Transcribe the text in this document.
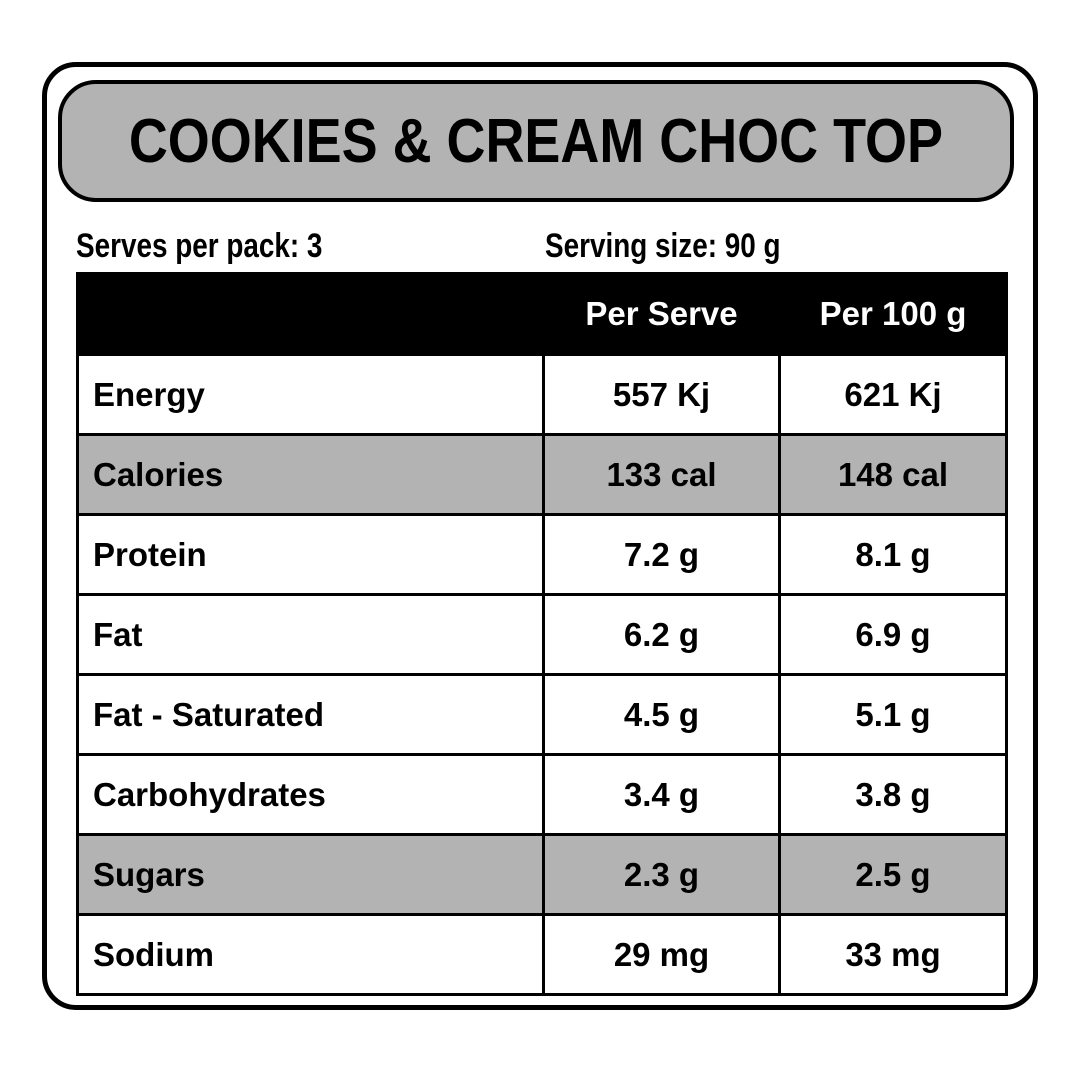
COOKIES & CREAM CHOC TOP
Serves per pack: 3	Serving size: 90 g
	Per Serve	Per 100 g
Energy	557 Kj	621 Kj
Calories	133 cal	148 cal
Protein	7.2 g	8.1 g
Fat	6.2 g	6.9 g
Fat - Saturated	4.5 g	5.1 g
Carbohydrates	3.4 g	3.8 g
Sugars	2.3 g	2.5 g
Sodium	29 mg	33 mg
